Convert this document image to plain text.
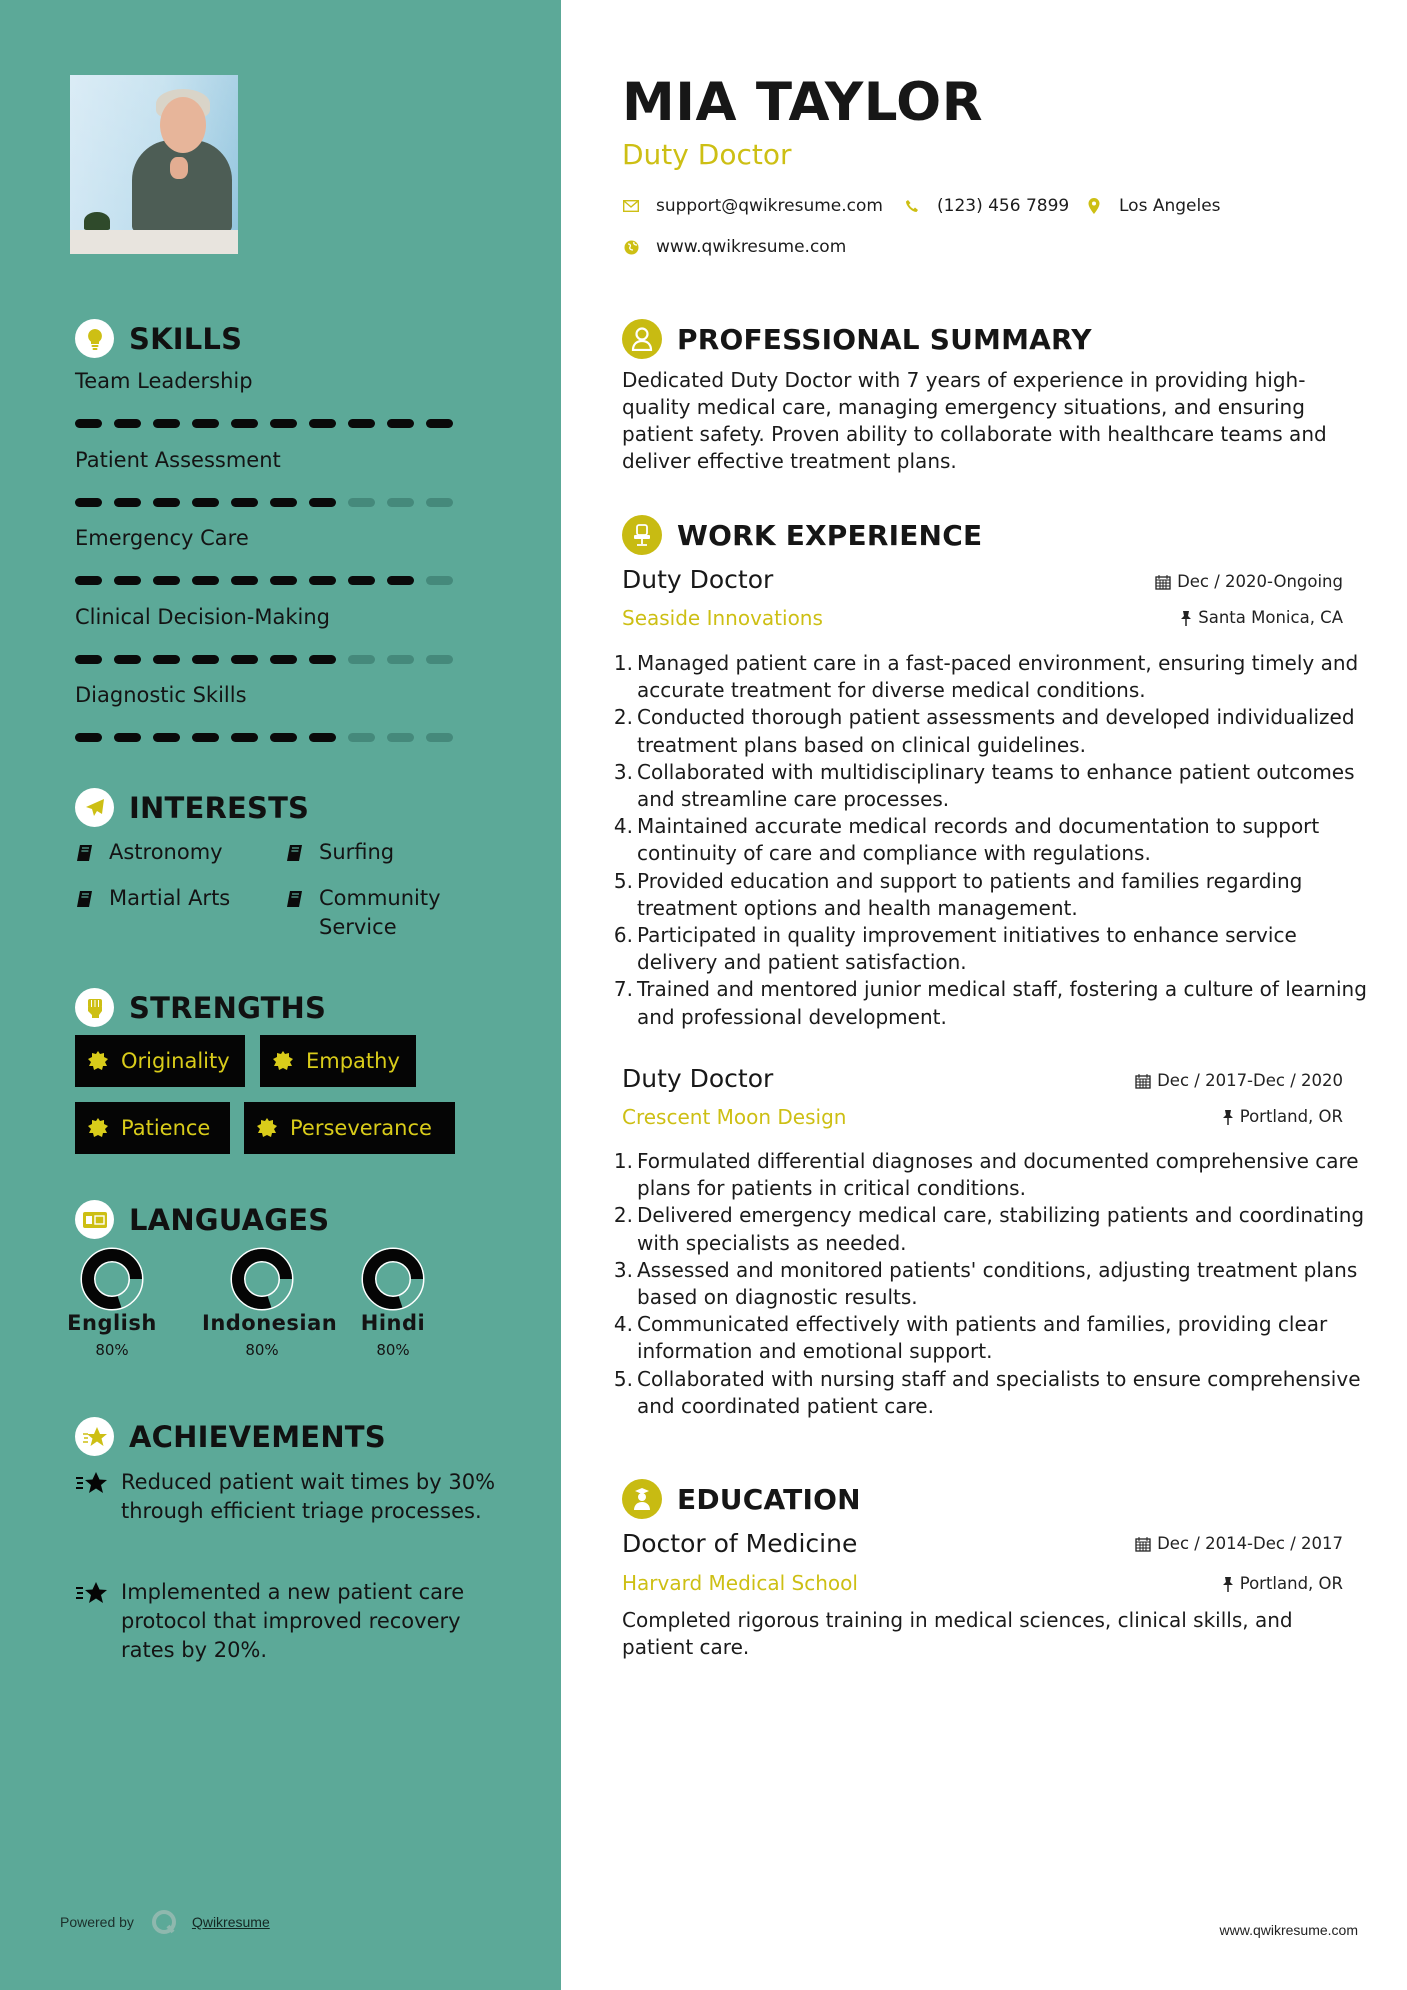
SKILLS
Team Leadership
Patient Assessment
Emergency Care
Clinical Decision-Making
Diagnostic Skills
INTERESTS
Astronomy	Surfing
Martial Arts	Community
Service
STRENGTHS
Originality	Empathy
Patience	Perseverance
LANGUAGES
English
80%
Indonesian
80%
Hindi
80%
ACHIEVEMENTS
Reduced patient wait times by 30% through efficient triage processes.
Implemented a new patient care protocol that improved recovery rates by 20%.
Powered by	Qwikresume
MIA TAYLOR
Duty Doctor
support@qwikresume.com	(123) 456 7899	Los Angeles
www.qwikresume.com
PROFESSIONAL SUMMARY

Dedicated Duty Doctor with 7 years of experience in providing high-quality medical care, managing emergency situations, and ensuring patient safety. Proven ability to collaborate with healthcare teams and deliver effective treatment plans.

WORK EXPERIENCE
Duty Doctor	Dec / 2020-Ongoing
Seaside Innovations	Santa Monica, CA
1. Managed patient care in a fast-paced environment, ensuring timely and accurate treatment for diverse medical conditions.
2. Conducted thorough patient assessments and developed individualized treatment plans based on clinical guidelines.
3. Collaborated with multidisciplinary teams to enhance patient outcomes and streamline care processes.
4. Maintained accurate medical records and documentation to support continuity of care and compliance with regulations.
5. Provided education and support to patients and families regarding treatment options and health management.
6. Participated in quality improvement initiatives to enhance service delivery and patient satisfaction.
7. Trained and mentored junior medical staff, fostering a culture of learning and professional development.
Duty Doctor	Dec / 2017-Dec / 2020
Crescent Moon Design	Portland, OR
1. Formulated differential diagnoses and documented comprehensive care plans for patients in critical conditions.
2. Delivered emergency medical care, stabilizing patients and coordinating with specialists as needed.
3. Assessed and monitored patients' conditions, adjusting treatment plans based on diagnostic results.
4. Communicated effectively with patients and families, providing clear information and emotional support.
5. Collaborated with nursing staff and specialists to ensure comprehensive and coordinated patient care.
EDUCATION
Doctor of Medicine	Dec / 2014-Dec / 2017
Harvard Medical School	Portland, OR

Completed rigorous training in medical sciences, clinical skills, and patient care.

www.qwikresume.com
